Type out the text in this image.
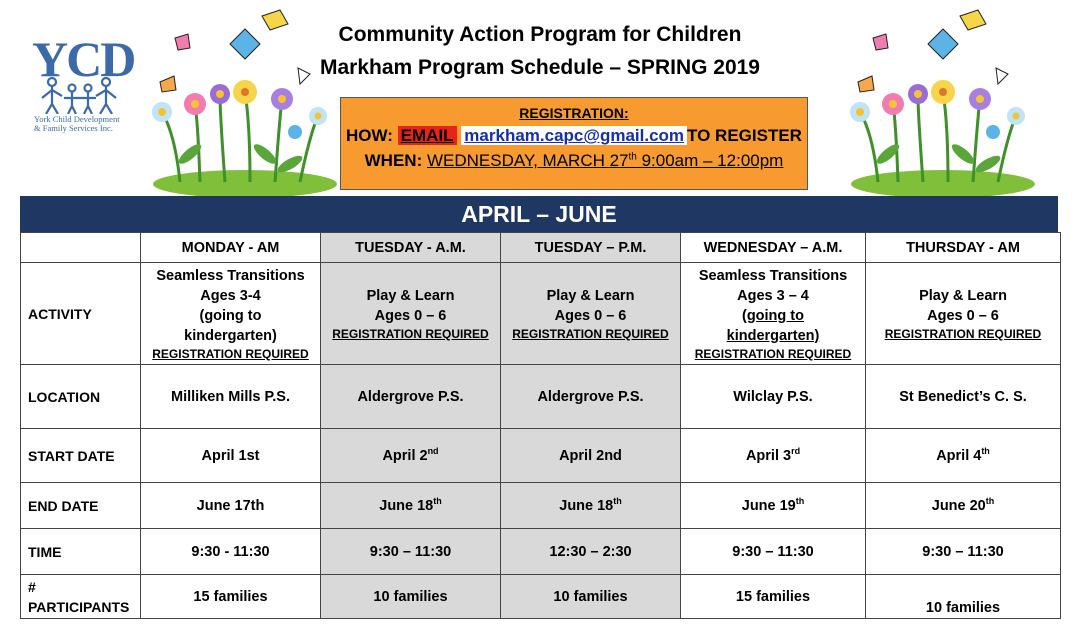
YCD
York Child Development
& Family Services Inc.
Community Action Program for Children
Markham Program Schedule – SPRING 2019
REGISTRATION:
HOW: EMAIL markham.capc@gmail.com TO REGISTER
WHEN: WEDNESDAY, MARCH 27th 9:00am – 12:00pm
APRIL – JUNE
	MONDAY - AM	TUESDAY - A.M.	TUESDAY – P.M.	WEDNESDAY – A.M.	THURSDAY - AM
ACTIVITY	Seamless Transitions
Ages 3-4
(going to
kindergarten)
REGISTRATION REQUIRED	Play & Learn
Ages 0 – 6
REGISTRATION REQUIRED	Play & Learn
Ages 0 – 6
REGISTRATION REQUIRED	Seamless Transitions
Ages 3 – 4
(going to
kindergarten)
REGISTRATION REQUIRED	Play & Learn
Ages 0 – 6
REGISTRATION REQUIRED

LOCATION	Milliken Mills P.S.	Aldergrove P.S.	Aldergrove P.S.	Wilclay P.S.	St Benedict’s C. S.
START DATE	April 1st	April 2nd	April 2nd	April 3rd	April 4th
END DATE	June 17th	June 18th	June 18th	June 19th	June 20th
TIME	9:30 - 11:30	9:30 – 11:30	12:30 – 2:30	9:30 – 11:30	9:30 – 11:30

#
PARTICIPANTS	15 families	10 families	10 families	15 families	10 families
